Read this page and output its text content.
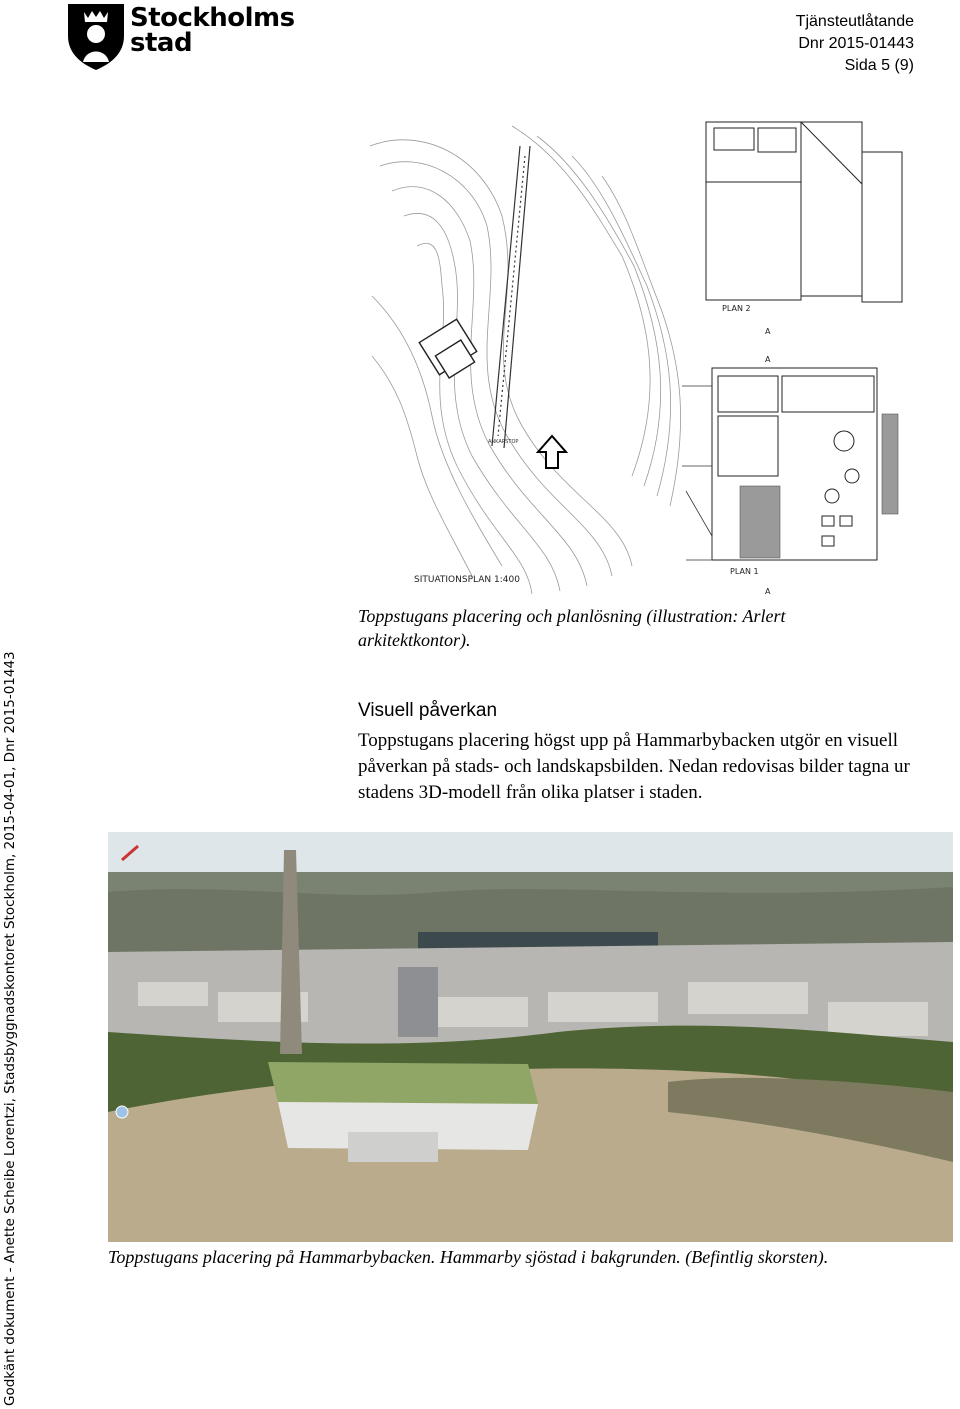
Stockholms
stad
Tjänsteutlåtande
Dnr 2015-01443
Sida 5 (9)
Godkänt dokument - Anette Scheibe Lorentzi, Stadsbyggnadskontoret Stockholm, 2015-04-01, Dnr 2015-01443
ANKARSTOP
SITUATIONSPLAN 1:400
PLAN 2
A
PLAN 1
A
A
Toppstugans placering och planlösning (illustration: Arlert arkitektkontor).
Visuell påverkan
Toppstugans placering högst upp på Hammarbybacken utgör en visuell påverkan på stads- och landskapsbilden. Nedan redovisas bilder tagna ur stadens 3D-modell från olika platser i staden.
Toppstugans placering på Hammarbybacken. Hammarby sjöstad i bakgrunden. (Befintlig skorsten).
